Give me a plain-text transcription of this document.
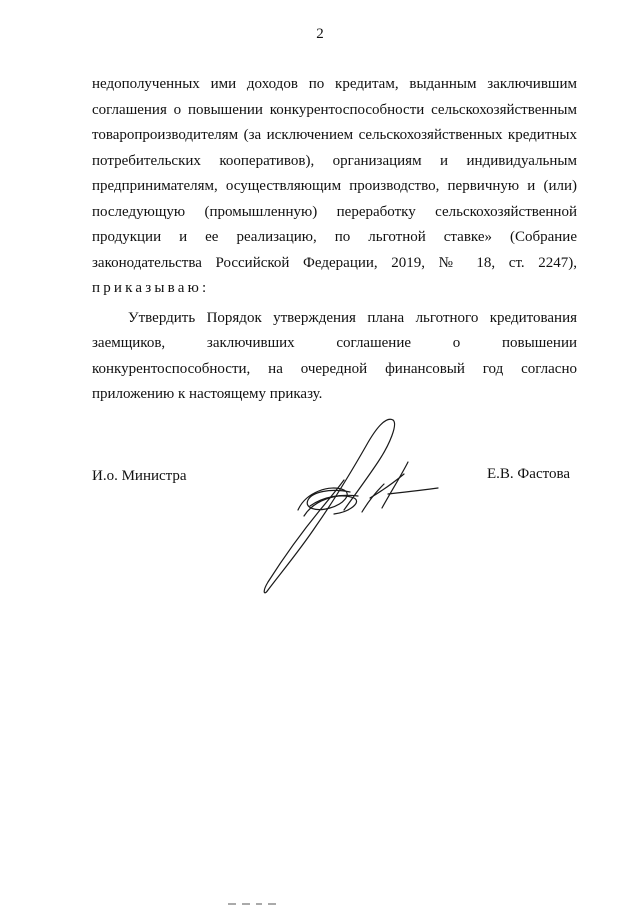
2
недополученных ими доходов по кредитам, выданным заключившим
соглашения о повышении конкурентоспособности сельскохозяйственным
товаропроизводителям (за исключением сельскохозяйственных кредитных
потребительских кооперативов), организациям и индивидуальным
предпринимателям, осуществляющим производство, первичную и (или)
последующую (промышленную) переработку сельскохозяйственной
продукции и ее реализацию, по льготной ставке» (Собрание
законодательства Российской Федерации, 2019, № 18, ст. 2247),
приказываю:
Утвердить Порядок утверждения плана льготного кредитования
заемщиков, заключивших соглашение о повышении
конкурентоспособности, на очередной финансовый год согласно
приложению к настоящему приказу.
И.о. Министра	Е.В. Фастова
